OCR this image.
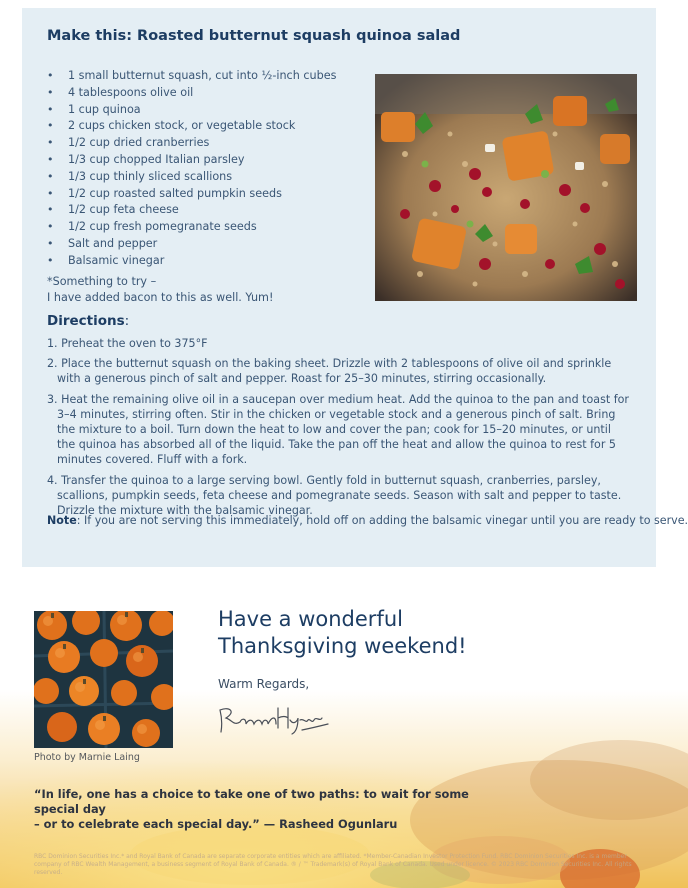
Make this: Roasted butternut squash quinoa salad
•	1 small butternut squash, cut into ½-inch cubes
•	4 tablespoons olive oil
•	1 cup quinoa
•	2 cups chicken stock, or vegetable stock
•	1/2 cup dried cranberries
•	1/3 cup chopped Italian parsley
•	1/3 cup thinly sliced scallions
•	1/2 cup roasted salted pumpkin seeds
•	1/2 cup feta cheese
•	1/2 cup fresh pomegranate seeds
•	Salt and pepper
•	Balsamic vinegar
*Something to try –
I have added bacon to this as well. Yum!
Directions:
1. Preheat the oven to 375°F
2. Place the butternut squash on the baking sheet. Drizzle with 2 tablespoons of olive oil and sprinkle with a generous pinch of salt and pepper. Roast for 25–30 minutes, stirring occasionally.
3. Heat the remaining olive oil in a saucepan over medium heat. Add the quinoa to the pan and toast for 3–4 minutes, stirring often. Stir in the chicken or vegetable stock and a generous pinch of salt. Bring the mixture to a boil. Turn down the heat to low and cover the pan; cook for 15–20 minutes, or until the quinoa has absorbed all of the liquid. Take the pan off the heat and allow the quinoa to rest for 5 minutes covered. Fluff with a fork.
4. Transfer the quinoa to a large serving bowl. Gently fold in butternut squash, cranberries, parsley, scallions, pumpkin seeds, feta cheese and pomegranate seeds. Season with salt and pepper to taste. Drizzle the mixture with the balsamic vinegar.

Note: If you are not serving this immediately, hold off on adding the balsamic vinegar until you are ready to serve.

Photo by Marnie Laing
Have a wonderful
Thanksgiving weekend!
Warm Regards,
“In life, one has a choice to take one of two paths: to wait for some special day
– or to celebrate each special day.” — Rasheed Ogunlaru
RBC Dominion Securities Inc.* and Royal Bank of Canada are separate corporate entities which are affiliated. *Member-Canadian Investor Protection Fund. RBC Dominion Securities Inc. is a member company of RBC Wealth Management, a business segment of Royal Bank of Canada. ® / ™ Trademark(s) of Royal Bank of Canada. Used under licence. © 2023 RBC Dominion Securities Inc. All rights reserved.
